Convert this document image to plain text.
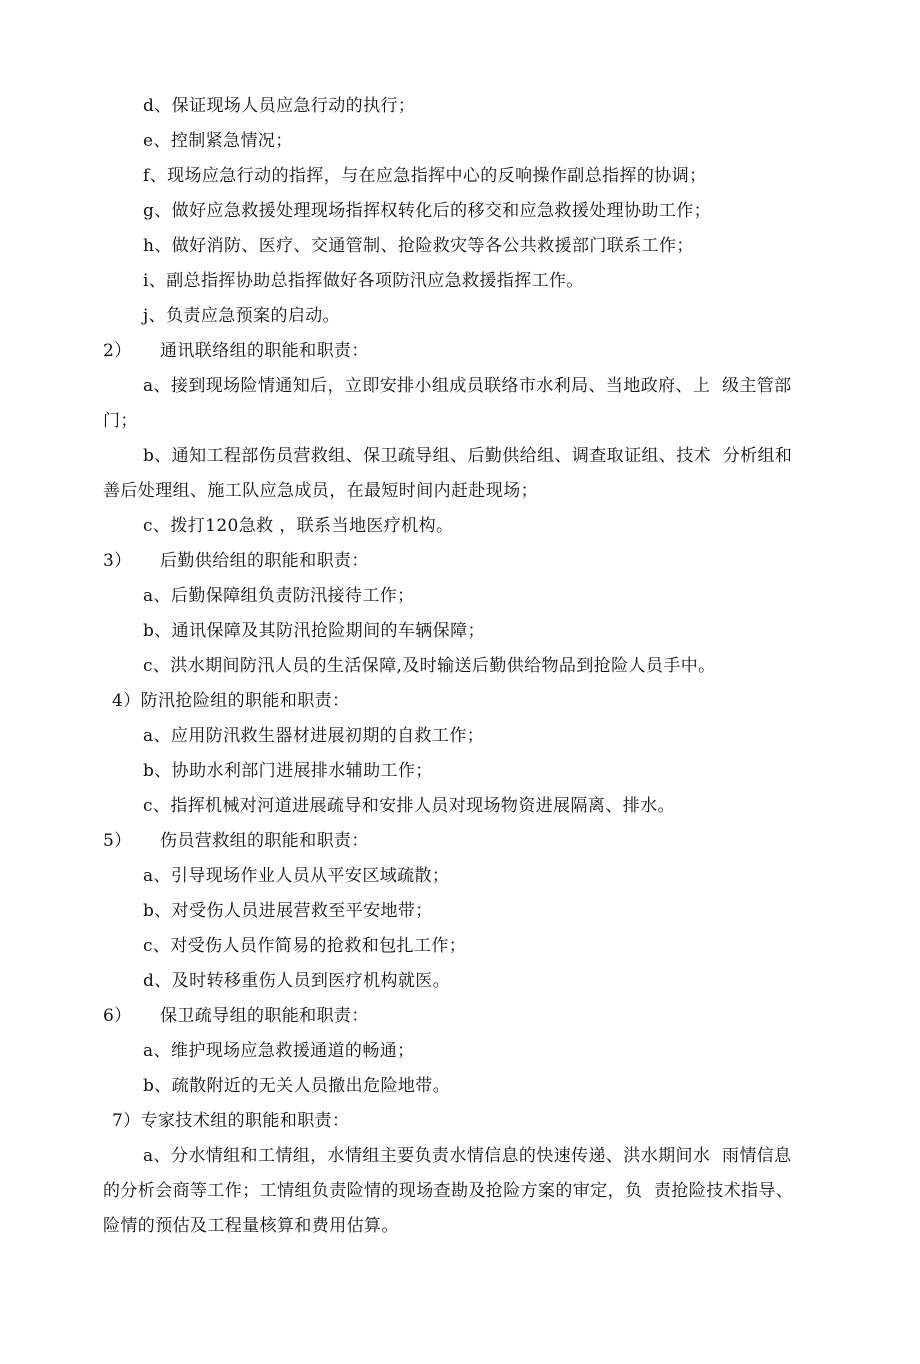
d、保证现场人员应急行动的执行；
e、控制紧急情况；
f、现场应急行动的指挥，与在应急指挥中心的反响操作副总指挥的协调；
g、做好应急救援处理现场指挥权转化后的移交和应急救援处理协助工作；
h、做好消防、医疗、交通管制、抢险救灾等各公共救援部门联系工作；
i、副总指挥协助总指挥做好各项防汛应急救援指挥工作。
j、负责应急预案的启动。
2） 通讯联络组的职能和职责：
a、接到现场险情通知后，立即安排小组成员联络市水利局、当地政府、上  级主管部
门；
b、通知工程部伤员营救组、保卫疏导组、后勤供给组、调查取证组、技术  分析组和
善后处理组、施工队应急成员，在最短时间内赶赴现场；
c、拨打120急救 ，联系当地医疗机构。
3） 后勤供给组的职能和职责：
a、后勤保障组负责防汛接待工作；
b、通讯保障及其防汛抢险期间的车辆保障；
c、洪水期间防汛人员的生活保障,及时输送后勤供给物品到抢险人员手中。
4）防汛抢险组的职能和职责：
a、应用防汛救生器材进展初期的自救工作；
b、协助水利部门进展排水辅助工作；
c、指挥机械对河道进展疏导和安排人员对现场物资进展隔离、排水。
5） 伤员营救组的职能和职责：
a、引导现场作业人员从平安区域疏散；
b、对受伤人员进展营救至平安地带；
c、对受伤人员作简易的抢救和包扎工作；
d、及时转移重伤人员到医疗机构就医。
6） 保卫疏导组的职能和职责：
a、维护现场应急救援通道的畅通；
b、疏散附近的无关人员撤出危险地带。
7）专家技术组的职能和职责：
a、分水情组和工情组，水情组主要负责水情信息的快速传递、洪水期间水  雨情信息
的分析会商等工作；工情组负责险情的现场查勘及抢险方案的审定，负  责抢险技术指导、
险情的预估及工程量核算和费用估算。
